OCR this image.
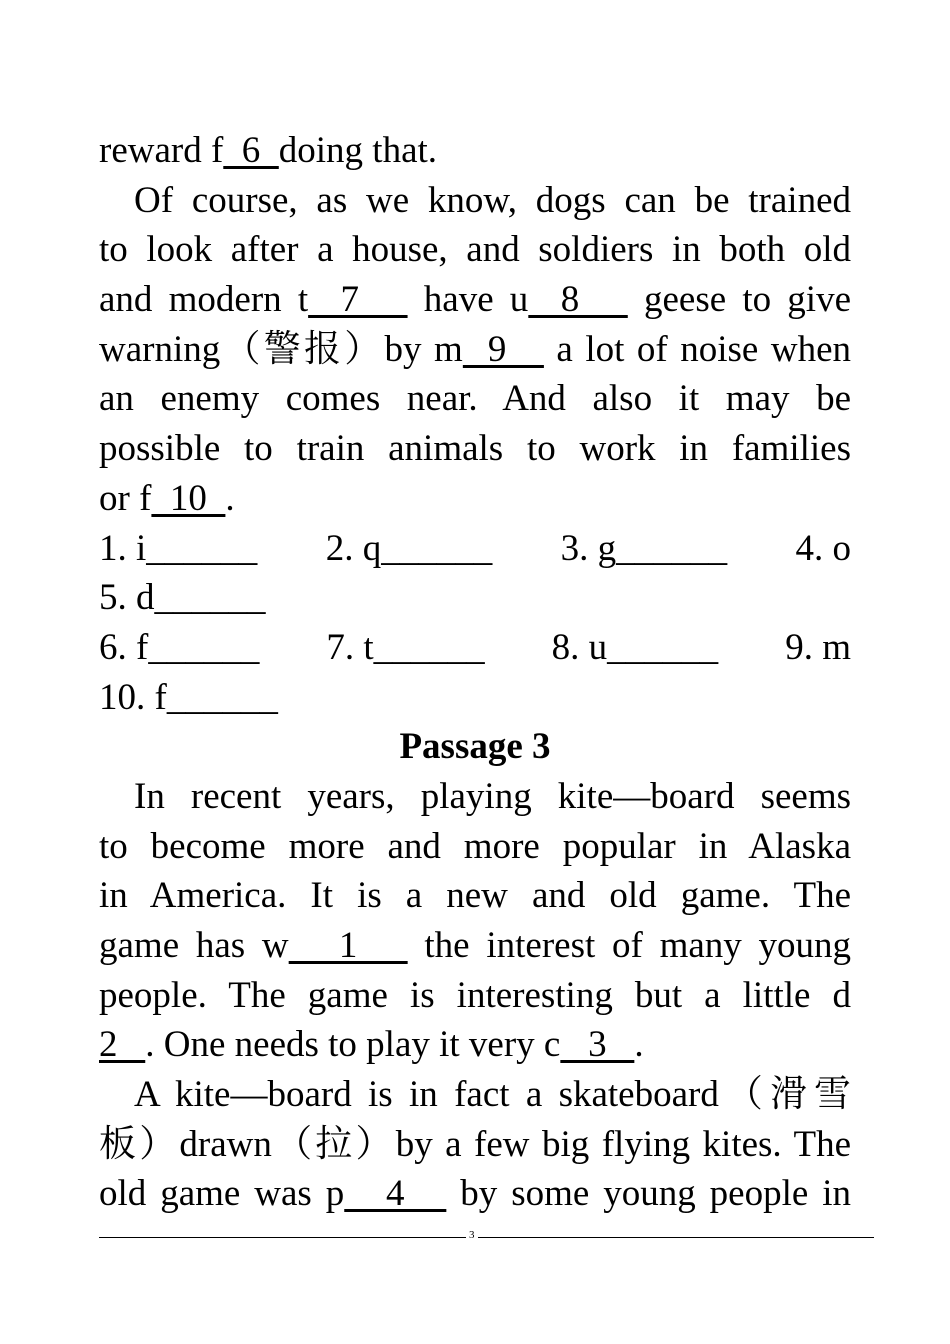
reward f  6  doing that.
Of course, as we know, dogs can be trained
to look after a house, and soldiers in both old
and modern t  7    have u  8    geese to give
warning（警报）by m  9    a lot of noise when
an enemy comes near. And also it may be
possible to train animals to work in families
or f  10  .
1. i______ 2. q______ 3. g______ 4. o
5. d______
6. f______ 7. t______ 8. u______ 9. m
10. f______
Passage 3
In recent years, playing kite—board seems
to become more and more popular in Alaska
in America. It is a new and old game. The
game has w   1    the interest of many young
people. The game is interesting but a little d
2   . One needs to play it very c   3   .
A kite—board is in fact a skateboard（滑雪
板）drawn（拉）by a few big flying kites. The
old game was p   4    by some young people in
3
